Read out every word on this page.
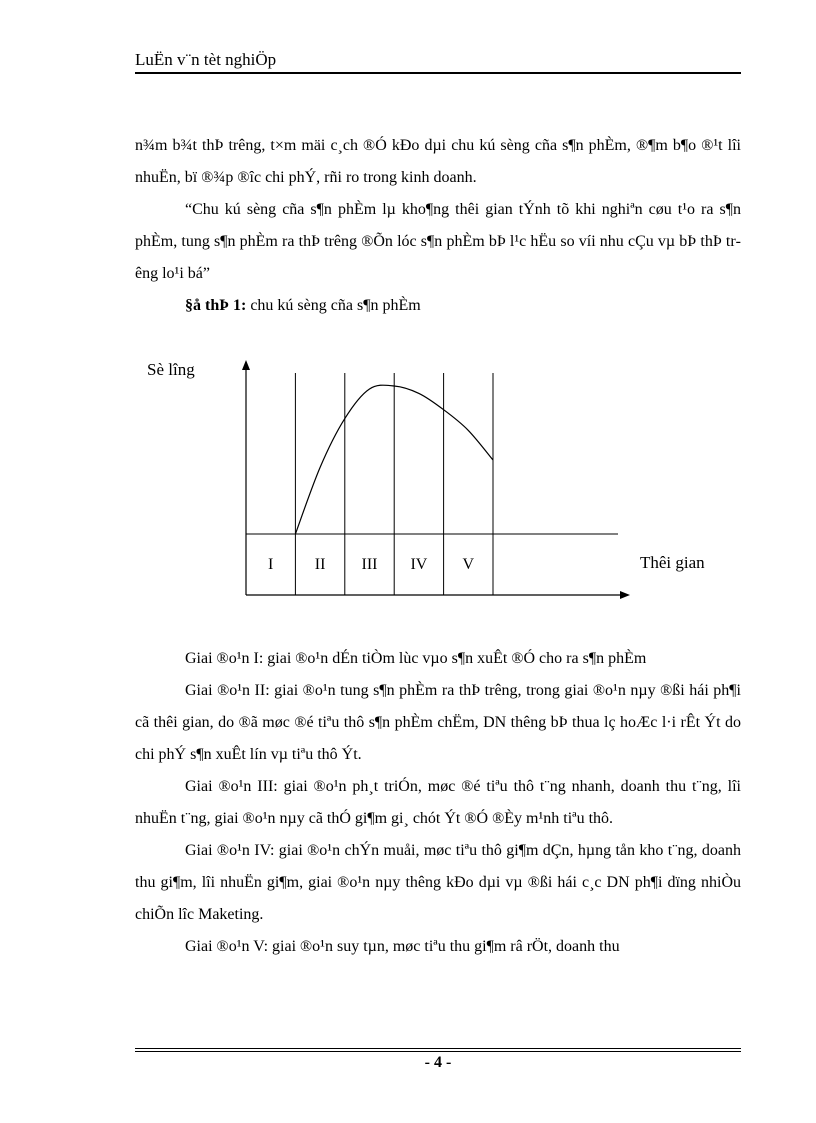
LuËn v¨n tèt nghiÖp

n¾m b¾t thÞ trêng, t×m mäi c¸ch ®Ó kÐo dµi chu kú sèng cña s¶n phÈm, ®¶m b¶o ®¹t lîi nhuËn, bï ®¾p ®îc chi phÝ, rñi ro trong kinh doanh.

“Chu kú sèng cña s¶n phÈm lµ kho¶ng thêi gian tÝnh tõ khi nghiªn cøu t¹o ra s¶n phÈm, tung s¶n phÈm ra thÞ trêng ®Õn lóc s¶n phÈm bÞ l¹c hËu so víi nhu cÇu vµ bÞ thÞ trêng lo¹i bá”

§å thÞ 1: chu kú sèng cña s¶n phÈm

Sè lîng
Thêi gian
I	II III IV V

Giai ®o¹n I: giai ®o¹n dÉn tiÒm lùc vµo s¶n xuÊt ®Ó cho ra s¶n phÈm

Giai ®o¹n II: giai ®o¹n tung s¶n phÈm ra thÞ trêng, trong giai ®o¹n nµy ®ßi hái ph¶i cã thêi gian, do ®ã møc ®é tiªu thô s¶n phÈm chËm, DN thêng bÞ thua lç hoÆc l·i rÊt Ýt do chi phÝ s¶n xuÊt lín vµ tiªu thô Ýt.

Giai ®o¹n III: giai ®o¹n ph¸t triÓn, møc ®é tiªu thô t¨ng nhanh, doanh thu t¨ng, lîi nhuËn t¨ng, giai ®o¹n nµy cã thÓ gi¶m gi¸ chót Ýt ®Ó ®Èy m¹nh tiªu thô.

Giai ®o¹n IV: giai ®o¹n chÝn muåi, møc tiªu thô gi¶m dÇn, hµng tån kho t¨ng, doanh thu gi¶m, lîi nhuËn gi¶m, giai ®o¹n nµy thêng kÐo dµi vµ ®ßi hái c¸c DN ph¶i dïng nhiÒu chiÕn lîc Maketing.

Giai ®o¹n V: giai ®o¹n suy tµn, møc tiªu thu gi¶m râ rÖt, doanh thu

- 4 -
